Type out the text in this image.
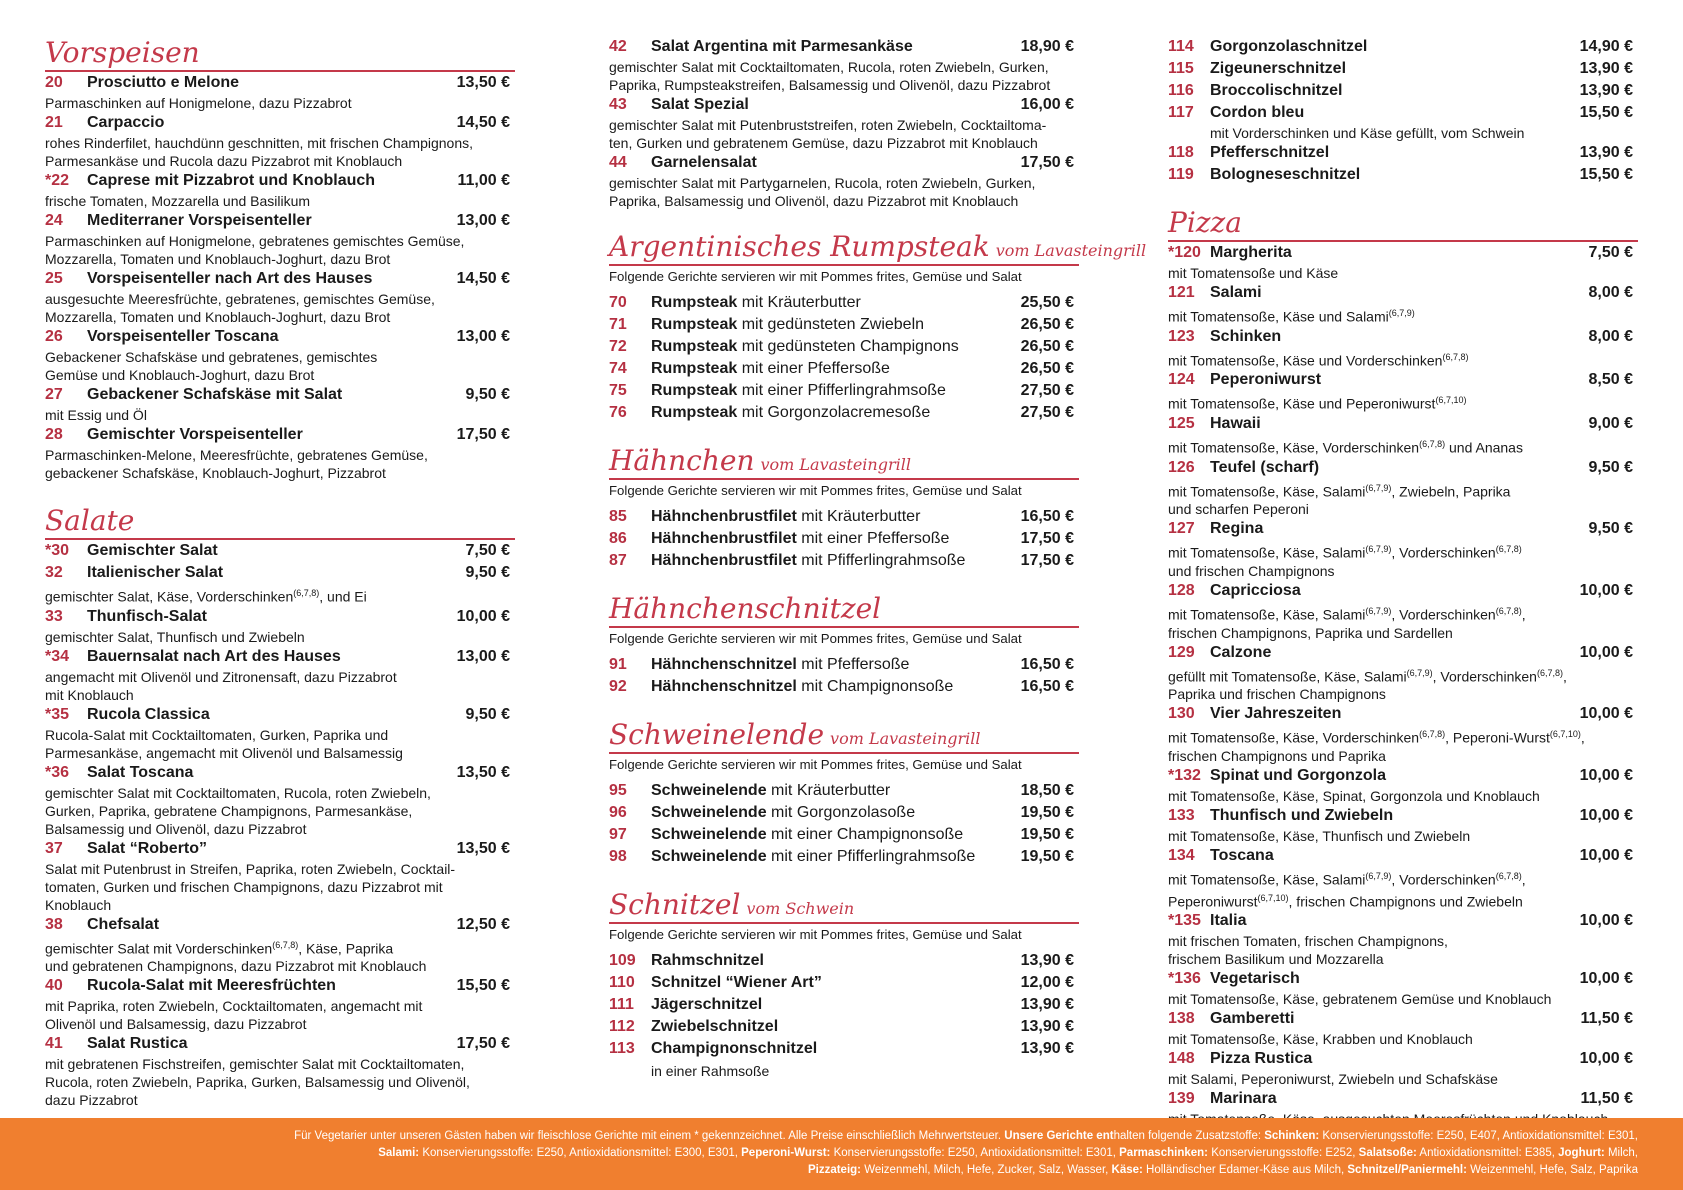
Vorspeisen
20	Prosciutto e Melone	13,50 €
Parmaschinken auf Honigmelone, dazu Pizzabrot
21	Carpaccio	14,50 €
rohes Rinderfilet, hauchdünn geschnitten, mit frischen Champignons,
Parmesankäse und Rucola dazu Pizzabrot mit Knoblauch
*22	Caprese mit Pizzabrot und Knoblauch	11,00 €
frische Tomaten, Mozzarella und Basilikum
24	Mediterraner Vorspeisenteller	13,00 €
Parmaschinken auf Honigmelone, gebratenes gemischtes Gemüse,
Mozzarella, Tomaten und Knoblauch-Joghurt, dazu Brot
25	Vorspeisenteller nach Art des Hauses	14,50 €
ausgesuchte Meeresfrüchte, gebratenes, gemischtes Gemüse,
Mozzarella, Tomaten und Knoblauch-Joghurt, dazu Brot
26	Vorspeisenteller Toscana	13,00 €
Gebackener Schafskäse und gebratenes, gemischtes
Gemüse und Knoblauch-Joghurt, dazu Brot
27	Gebackener Schafskäse mit Salat	9,50 €
mit Essig und Öl
28	Gemischter Vorspeisenteller	17,50 €
Parmaschinken-Melone, Meeresfrüchte, gebratenes Gemüse,
gebackener Schafskäse, Knoblauch-Joghurt, Pizzabrot
Salate
*30	Gemischter Salat	7,50 €
32	Italienischer Salat	9,50 €
gemischter Salat, Käse, Vorderschinken$^{(6,7,8)}$, und Ei
33	Thunfisch-Salat	10,00 €
gemischter Salat, Thunfisch und Zwiebeln
*34	Bauernsalat nach Art des Hauses	13,00 €
angemacht mit Olivenöl und Zitronensaft, dazu Pizzabrot
mit Knoblauch
*35	Rucola Classica	9,50 €
Rucola-Salat mit Cocktailtomaten, Gurken, Paprika und
Parmesankäse, angemacht mit Olivenöl und Balsamessig
*36	Salat Toscana	13,50 €
gemischter Salat mit Cocktailtomaten, Rucola, roten Zwiebeln,
Gurken, Paprika, gebratene Champignons, Parmesankäse,
Balsamessig und Olivenöl, dazu Pizzabrot
37	Salat “Roberto”	13,50 €
Salat mit Putenbrust in Streifen, Paprika, roten Zwiebeln, Cocktail-
tomaten, Gurken und frischen Champignons, dazu Pizzabrot mit
Knoblauch
38	Chefsalat	12,50 €
gemischter Salat mit Vorderschinken$^{(6,7,8)}$, Käse, Paprika
und gebratenen Champignons, dazu Pizzabrot mit Knoblauch
40	Rucola-Salat mit Meeresfrüchten	15,50 €
mit Paprika, roten Zwiebeln, Cocktailtomaten, angemacht mit
Olivenöl und Balsamessig, dazu Pizzabrot
41	Salat Rustica	17,50 €
mit gebratenen Fischstreifen, gemischter Salat mit Cocktailtomaten,
Rucola, roten Zwiebeln, Paprika, Gurken, Balsamessig und Olivenöl,
dazu Pizzabrot
42	Salat Argentina mit Parmesankäse	18,90 €
gemischter Salat mit Cocktailtomaten, Rucola, roten Zwiebeln, Gurken,
Paprika, Rumpsteakstreifen, Balsamessig und Olivenöl, dazu Pizzabrot
43	Salat Spezial	16,00 €
gemischter Salat mit Putenbruststreifen, roten Zwiebeln, Cocktailtoma-
ten, Gurken und gebratenem Gemüse, dazu Pizzabrot mit Knoblauch
44	Garnelensalat	17,50 €
gemischter Salat mit Partygarnelen, Rucola, roten Zwiebeln, Gurken,
Paprika, Balsamessig und Olivenöl, dazu Pizzabrot mit Knoblauch
Argentinisches Rumpsteak vom Lavasteingrill
Folgende Gerichte servieren wir mit Pommes frites, Gemüse und Salat
70	Rumpsteak mit Kräuterbutter	25,50 €
71	Rumpsteak mit gedünsteten Zwiebeln	26,50 €
72	Rumpsteak mit gedünsteten Champignons	26,50 €
74	Rumpsteak mit einer Pfeffersoße	26,50 €
75	Rumpsteak mit einer Pfifferlingrahmsoße	27,50 €
76	Rumpsteak mit Gorgonzolacremesoße	27,50 €
Hähnchen vom Lavasteingrill
Folgende Gerichte servieren wir mit Pommes frites, Gemüse und Salat
85	Hähnchenbrustfilet mit Kräuterbutter	16,50 €
86	Hähnchenbrustfilet mit einer Pfeffersoße	17,50 €
87	Hähnchenbrustfilet mit Pfifferlingrahmsoße	17,50 €
Hähnchenschnitzel
Folgende Gerichte servieren wir mit Pommes frites, Gemüse und Salat
91	Hähnchenschnitzel mit Pfeffersoße	16,50 €
92	Hähnchenschnitzel mit Champignonsoße	16,50 €
Schweinelende vom Lavasteingrill
Folgende Gerichte servieren wir mit Pommes frites, Gemüse und Salat
95	Schweinelende mit Kräuterbutter	18,50 €
96	Schweinelende mit Gorgonzolasoße	19,50 €
97	Schweinelende mit einer Champignonsoße	19,50 €
98	Schweinelende mit einer Pfifferlingrahmsoße	19,50 €
Schnitzel vom Schwein
Folgende Gerichte servieren wir mit Pommes frites, Gemüse und Salat
109 Rahmschnitzel	13,90 €
110	Schnitzel “Wiener Art”	12,00 €
111	Jägerschnitzel	13,90 €
112	Zwiebelschnitzel	13,90 €
113	Champignonschnitzel	13,90 €
in einer Rahmsoße
114	Gorgonzolaschnitzel	14,90 €
115	Zigeunerschnitzel	13,90 €
116	Broccolischnitzel	13,90 €
117	Cordon bleu	15,50 €
mit Vorderschinken und Käse gefüllt, vom Schwein
118	Pfefferschnitzel	13,90 €
119	Bologneseschnitzel	15,50 €
Pizza
*120 Margherita	7,50 €
mit Tomatensoße und Käse
121 Salami	8,00 €
mit Tomatensoße, Käse und Salami$^{(6,7,9)}$
123 Schinken	8,00 €
mit Tomatensoße, Käse und Vorderschinken$^{(6,7,8)}$
124 Peperoniwurst	8,50 €
mit Tomatensoße, Käse und Peperoniwurst$^{(6,7,10)}$
125 Hawaii	9,00 €
mit Tomatensoße, Käse, Vorderschinken$^{(6,7,8)}$ und Ananas
126 Teufel (scharf)	9,50 €
mit Tomatensoße, Käse, Salami$^{(6,7,9)}$, Zwiebeln, Paprika
und scharfen Peperoni
127 Regina	9,50 €
mit Tomatensoße, Käse, Salami$^{(6,7,9)}$, Vorderschinken$^{(6,7,8)}$
und frischen Champignons
128 Capricciosa	10,00 €
mit Tomatensoße, Käse, Salami$^{(6,7,9)}$, Vorderschinken$^{(6,7,8)}$,
frischen Champignons, Paprika und Sardellen
129 Calzone	10,00 €
gefüllt mit Tomatensoße, Käse, Salami$^{(6,7,9)}$, Vorderschinken$^{(6,7,8)}$,
Paprika und frischen Champignons
130 Vier Jahreszeiten	10,00 €
mit Tomatensoße, Käse, Vorderschinken$^{(6,7,8)}$, Peperoni-Wurst$^{(6,7,10)}$,
frischen Champignons und Paprika
*132 Spinat und Gorgonzola	10,00 €
mit Tomatensoße, Käse, Spinat, Gorgonzola und Knoblauch
133 Thunfisch und Zwiebeln	10,00 €
mit Tomatensoße, Käse, Thunfisch und Zwiebeln
134 Toscana	10,00 €
mit Tomatensoße, Käse, Salami$^{(6,7,9)}$, Vorderschinken$^{(6,7,8)}$,
Peperoniwurst$^{(6,7,10)}$, frischen Champignons und Zwiebeln
*135 Italia	10,00 €
mit frischen Tomaten, frischen Champignons,
frischem Basilikum und Mozzarella
*136 Vegetarisch	10,00 €
mit Tomatensoße, Käse, gebratenem Gemüse und Knoblauch
138 Gamberetti	11,50 €
mit Tomatensoße, Käse, Krabben und Knoblauch
148 Pizza Rustica	10,00 €
mit Salami, Peperoniwurst, Zwiebeln und Schafskäse
139 Marinara	11,50 €
Für Vegetarier unter unseren Gästen haben wir fleischlose Gerichte mit einem * gekennzeichnet. Alle Preise einschließlich Mehrwertsteuer. Unsere Gerichte enthalten folgende Zusatzstoffe: Schinken: Konservierungsstoffe: E250, E407, Antioxidationsmittel: E301,
Salami: Konservierungsstoffe: E250, Antioxidationsmittel: E300, E301, Peperoni-Wurst: Konservierungsstoffe: E250, Antioxidationsmittel: E301, Parmaschinken: Konservierungsstoffe: E252, Salatsoße: Antioxidationsmittel: E385, Joghurt: Milch,
Pizzateig: Weizenmehl, Milch, Hefe, Zucker, Salz, Wasser, Käse: Holländischer Edamer-Käse aus Milch, Schnitzel/Paniermehl: Weizenmehl, Hefe, Salz, Paprika
